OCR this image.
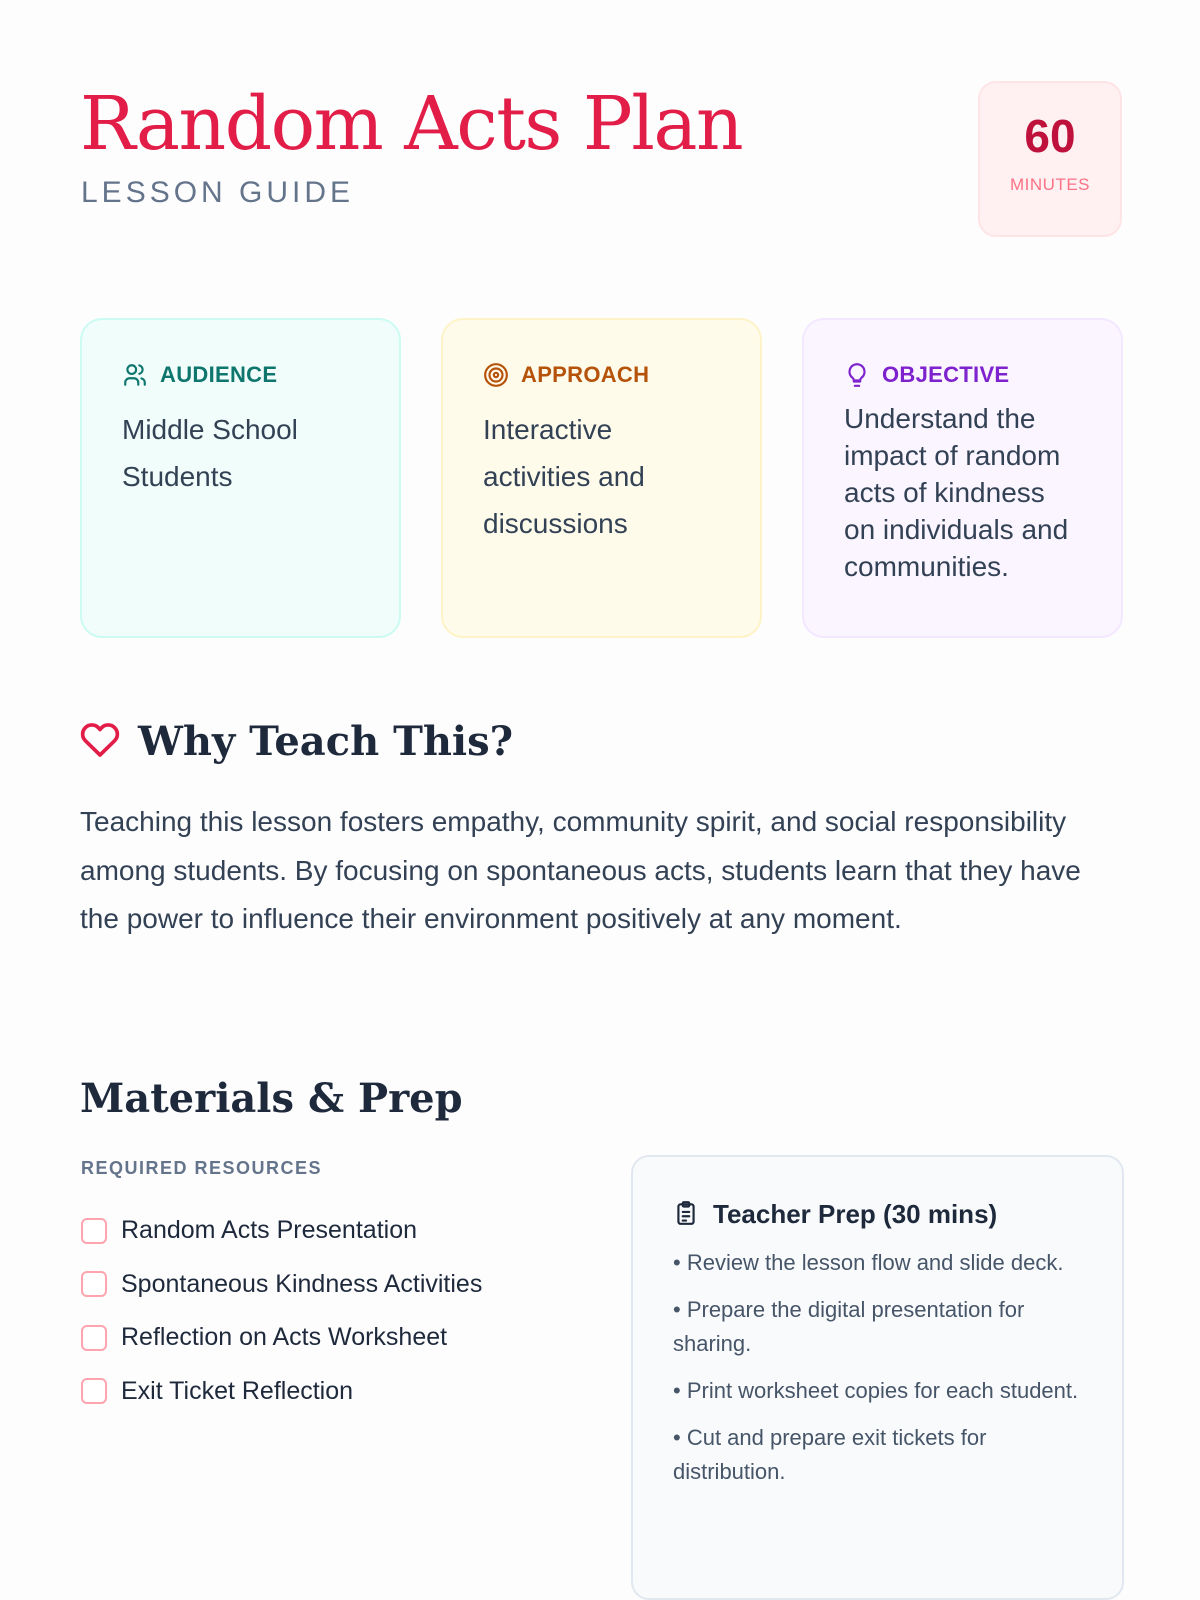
Random Acts Plan
LESSON GUIDE
60
MINUTES
AUDIENCE
Middle School Students
APPROACH
Interactive activities and discussions
OBJECTIVE
Understand the impact of random acts of kindness on individuals and communities.
Why Teach This?

Teaching this lesson fosters empathy, community spirit, and social responsibility among students. By focusing on spontaneous acts, students learn that they have the power to influence their environment positively at any moment.

Materials & Prep
REQUIRED RESOURCES
Random Acts Presentation
Spontaneous Kindness Activities
Reflection on Acts Worksheet
Exit Ticket Reflection
Teacher Prep (30 mins)
• Review the lesson flow and slide deck.
• Prepare the digital presentation for sharing.
• Print worksheet copies for each student.
• Cut and prepare exit tickets for distribution.
